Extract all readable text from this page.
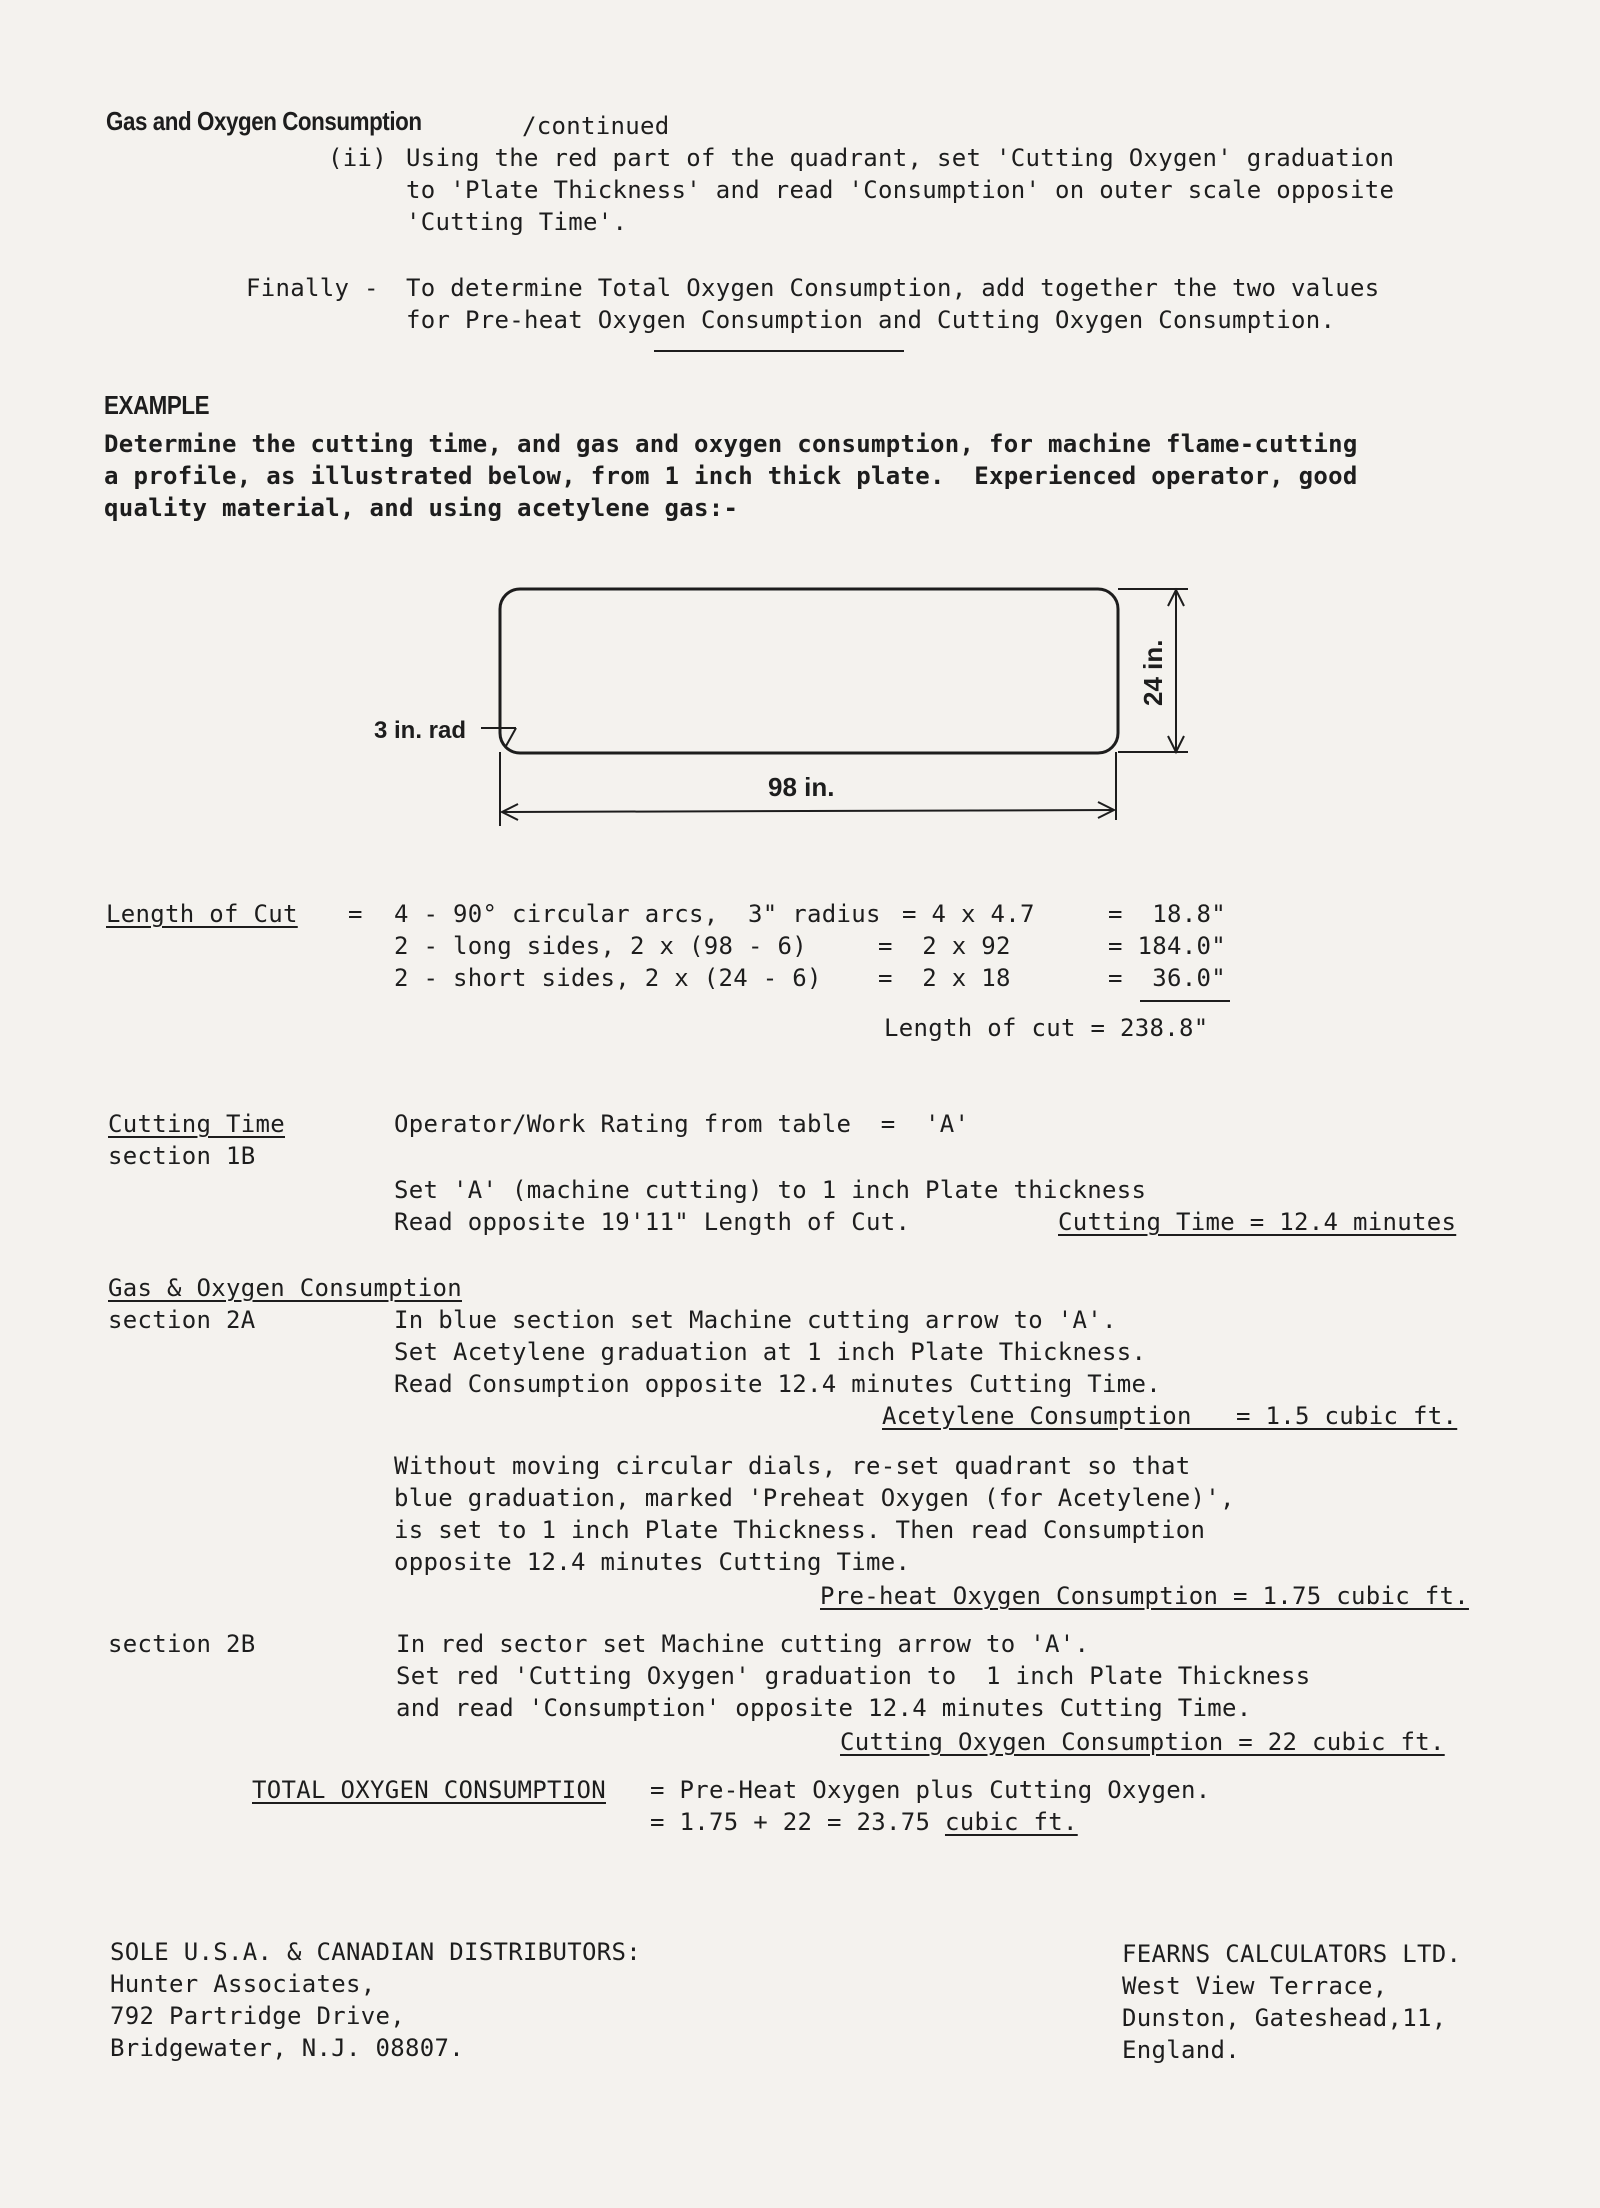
Gas and Oxygen Consumption	/continued
(ii) Using the red part of the quadrant, set 'Cutting Oxygen' graduation
to 'Plate Thickness' and read 'Consumption' on outer scale opposite
'Cutting Time'.
Finally - To determine Total Oxygen Consumption, add together the two values
for Pre-heat Oxygen Consumption and Cutting Oxygen Consumption.
EXAMPLE
Determine the cutting time, and gas and oxygen consumption, for machine flame-cutting
a profile, as illustrated below, from 1 inch thick plate.  Experienced operator, good
quality material, and using acetylene gas:-
3 in. rad
98 in.
24 in.
Length of Cut = 4 - 90° circular arcs,  3" radius = 4 x 4.7	=  18.8"
2 - long sides, 2 x (98 - 6)	=  2 x 92	= 184.0"
2 - short sides, 2 x (24 - 6) =  2 x 18	=  36.0"
Length of cut = 238.8"
Cutting Time
section 1B
Operator/Work Rating from table  =  'A'
Set 'A' (machine cutting) to 1 inch Plate thickness
Read opposite 19'11" Length of Cut.	Cutting Time = 12.4 minutes
Gas & Oxygen Consumption
section 2A	In blue section set Machine cutting arrow to 'A'.
Set Acetylene graduation at 1 inch Plate Thickness.
Read Consumption opposite 12.4 minutes Cutting Time.
Acetylene Consumption   = 1.5 cubic ft.
Without moving circular dials, re-set quadrant so that
blue graduation, marked 'Preheat Oxygen (for Acetylene)',
is set to 1 inch Plate Thickness. Then read Consumption
opposite 12.4 minutes Cutting Time.
Pre-heat Oxygen Consumption = 1.75 cubic ft.
section 2B	In red sector set Machine cutting arrow to 'A'.
Set red 'Cutting Oxygen' graduation to  1 inch Plate Thickness
and read 'Consumption' opposite 12.4 minutes Cutting Time.
Cutting Oxygen Consumption = 22 cubic ft.
TOTAL OXYGEN CONSUMPTION = Pre-Heat Oxygen plus Cutting Oxygen.
= 1.75 + 22 = 23.75 cubic ft.
SOLE U.S.A. & CANADIAN DISTRIBUTORS:
Hunter Associates,
792 Partridge Drive,
Bridgewater, N.J. 08807.
FEARNS CALCULATORS LTD.
West View Terrace,
Dunston, Gateshead,11,
England.
